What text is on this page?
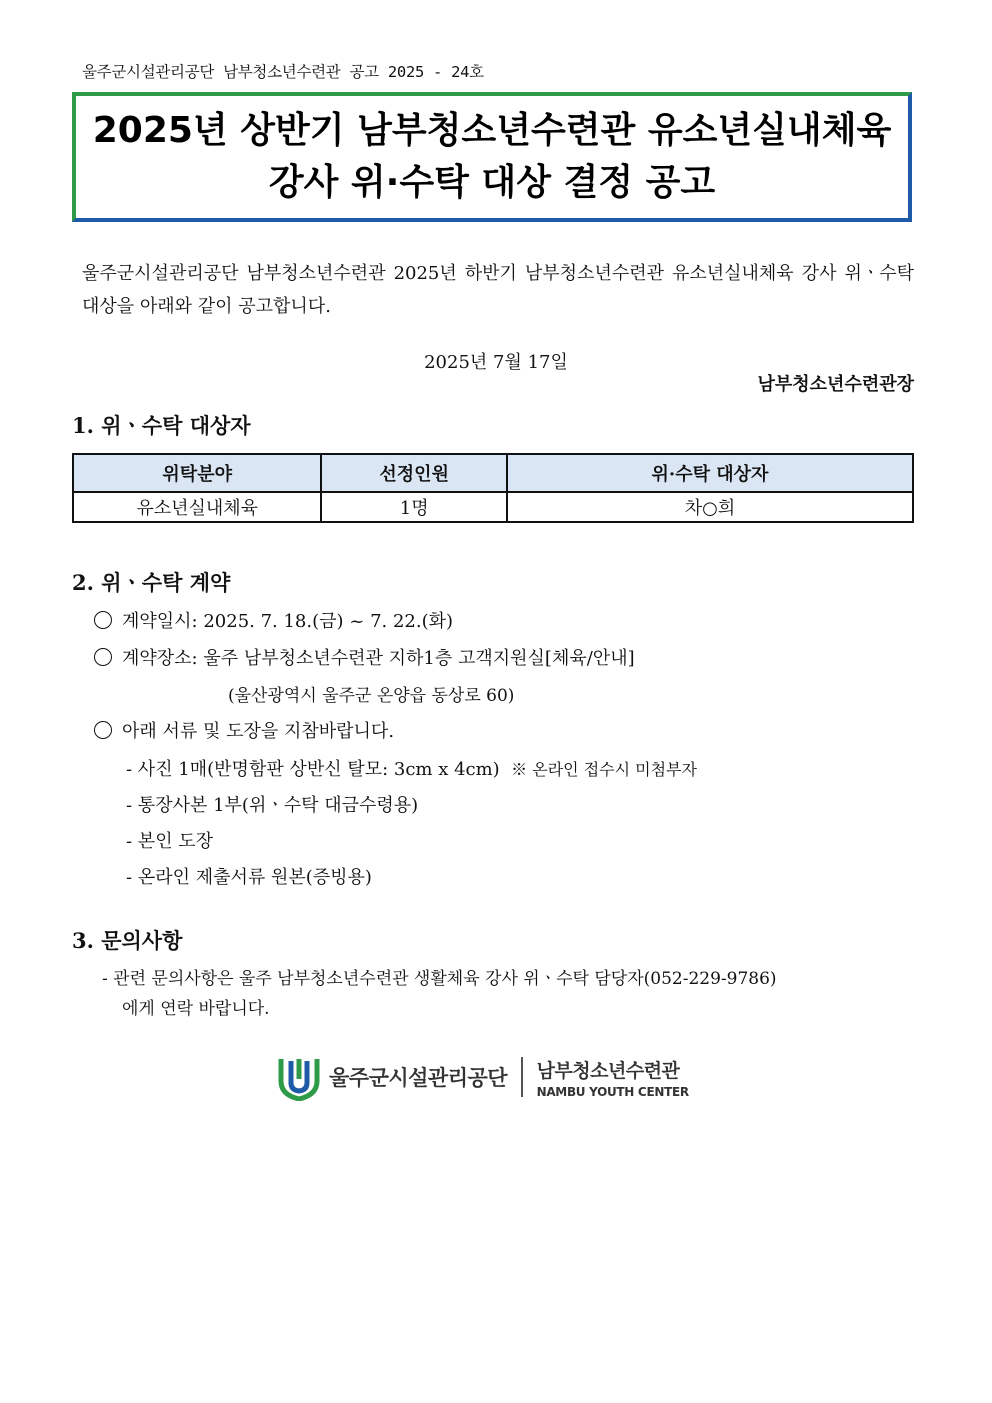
울주군시설관리공단 남부청소년수련관 공고 2025 - 24호
2025년 상반기 남부청소년수련관 유소년실내체육
강사 위·수탁 대상 결정 공고
울주군시설관리공단 남부청소년수련관 2025년 하반기 남부청소년수련관 유소년실내체육 강사 위ㆍ수탁 대상을 아래와 같이 공고합니다.
2025년 7월 17일
남부청소년수련관장
1. 위ㆍ수탁 대상자
위탁분야	선정인원	위·수탁 대상자
유소년실내체육	1명	차○희
2. 위ㆍ수탁 계약
계약일시: 2025. 7. 18.(금) ~ 7. 22.(화)
계약장소: 울주 남부청소년수련관 지하1층 고객지원실[체육/안내]
(울산광역시 울주군 온양읍 동상로 60)
아래 서류 및 도장을 지참바랍니다.
- 사진 1매(반명함판 상반신 탈모: 3cm x 4cm) ※ 온라인 접수시 미첨부자
- 통장사본 1부(위ㆍ수탁 대금수령용)
- 본인 도장
- 온라인 제출서류 원본(증빙용)
3. 문의사항
- 관련 문의사항은 울주 남부청소년수련관 생활체육 강사 위ㆍ수탁 담당자(052-229-9786)
에게 연락 바랍니다.
울주군시설관리공단 남부청소년수련관
NAMBU YOUTH CENTER
